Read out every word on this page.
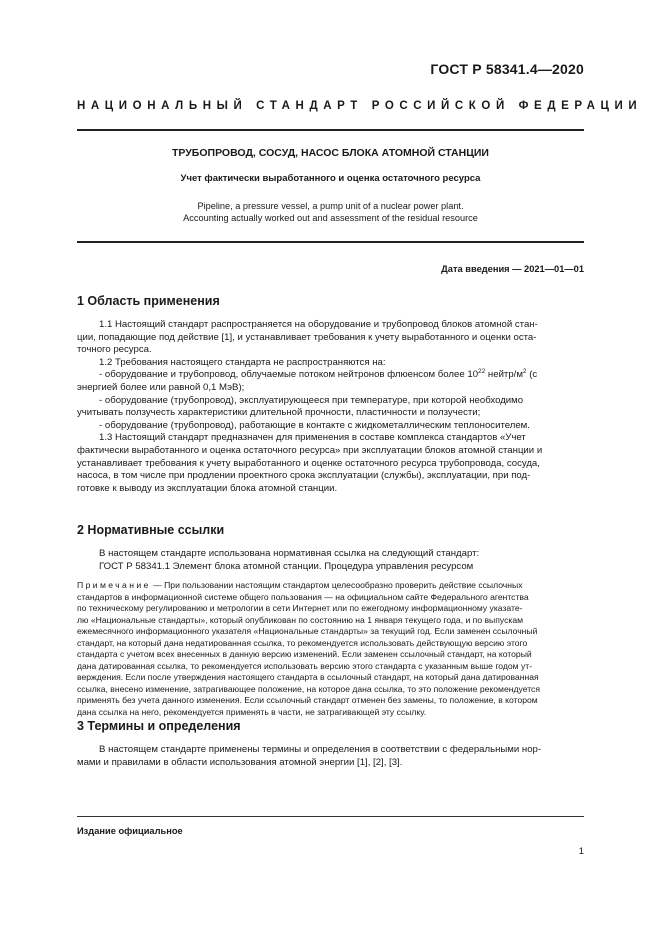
ГОСТ Р 58341.4—2020
НАЦИОНАЛЬНЫЙ СТАНДАРТ РОССИЙСКОЙ ФЕДЕРАЦИИ
ТРУБОПРОВОД, СОСУД, НАСОС БЛОКА АТОМНОЙ СТАНЦИИ
Учет фактически выработанного и оценка остаточного ресурса
Pipeline, a pressure vessel, a pump unit of a nuclear power plant.
Accounting actually worked out and assessment of the residual resource
Дата введения — 2021—01—01
1 Область применения
1.1 Настоящий стандарт распространяется на оборудование и трубопровод блоков атомной стан-
ции, попадающие под действие [1], и устанавливает требования к учету выработанного и оценки оста-
точного ресурса.
1.2 Требования настоящего стандарта не распространяются на:
- оборудование и трубопровод, облучаемые потоком нейтронов флюенсом более $10^{22}$ нейтр/$м^2$ (с
энергией более или равной 0,1 МэВ);
- оборудование (трубопровод), эксплуатирующееся при температуре, при которой необходимо
учитывать ползучесть характеристики длительной прочности, пластичности и ползучести;
- оборудование (трубопровод), работающие в контакте с жидкометаллическим теплоносителем.
1.3 Настоящий стандарт предназначен для применения в составе комплекса стандартов «Учет
фактически выработанного и оценка остаточного ресурса» при эксплуатации блоков атомной станции и
устанавливает требования к учету выработанного и оценке остаточного ресурса трубопровода, сосуда,
насоса, в том числе при продлении проектного срока эксплуатации (службы), эксплуатации, при под-
готовке к выводу из эксплуатации блока атомной станции.
2 Нормативные ссылки
В настоящем стандарте использована нормативная ссылка на следующий стандарт:
ГОСТ Р 58341.1 Элемент блока атомной станции. Процедура управления ресурсом
Примечание — При пользовании настоящим стандартом целесообразно проверить действие ссылочных
стандартов в информационной системе общего пользования — на официальном сайте Федерального агентства
по техническому регулированию и метрологии в сети Интернет или по ежегодному информационному указате-
лю «Национальные стандарты», который опубликован по состоянию на 1 января текущего года, и по выпускам
ежемесячного информационного указателя «Национальные стандарты» за текущий год. Если заменен ссылочный
стандарт, на который дана недатированная ссылка, то рекомендуется использовать действующую версию этого
стандарта с учетом всех внесенных в данную версию изменений. Если заменен ссылочный стандарт, на который
дана датированная ссылка, то рекомендуется использовать версию этого стандарта с указанным выше годом ут-
верждения. Если после утверждения настоящего стандарта в ссылочный стандарт, на который дана датированная
ссылка, внесено изменение, затрагивающее положение, на которое дана ссылка, то это положение рекомендуется
применять без учета данного изменения. Если ссылочный стандарт отменен без замены, то положение, в котором
дана ссылка на него, рекомендуется применять в части, не затрагивающей эту ссылку.
3 Термины и определения
В настоящем стандарте применены термины и определения в соответствии с федеральными нор-
мами и правилами в области использования атомной энергии [1], [2], [3].
Издание официальное
1
